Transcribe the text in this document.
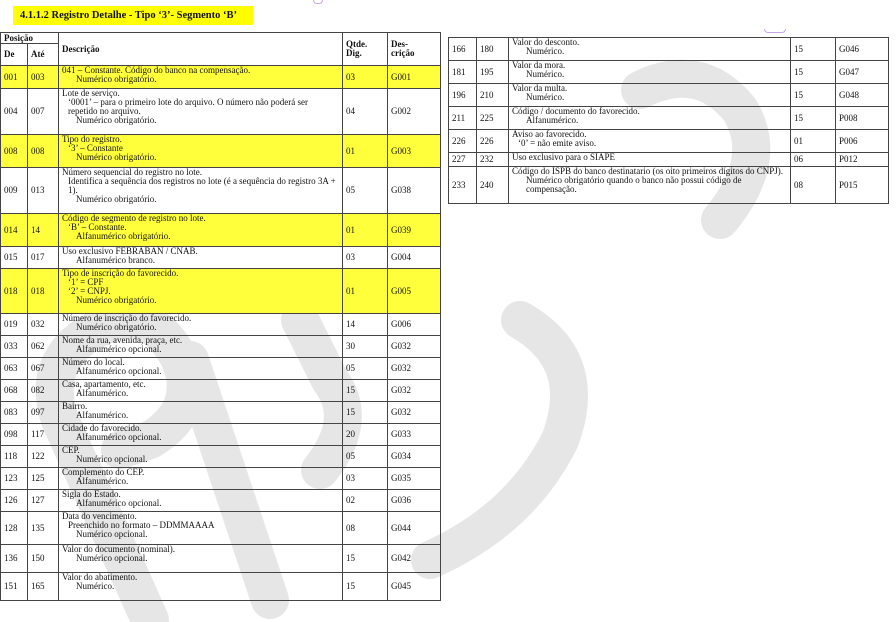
4.1.1.2 Registro Detalhe - Tipo ‘3’- Segmento ‘B’
Posição		Descrição	Qtde.
Dig.	Des-
crição
De	Até			
001	003	041 – Constante. Código do banco na compensação.
Numérico obrigatório.	03	G001
004	007	Lote de serviço.
‘0001’ – para o primeiro lote do arquivo. O número não poderá ser repetido no arquivo.
Numérico obrigatório.	04	G002
008	008	Tipo do registro.
‘3’ – Constante
Numérico obrigatório.	01	G003
009	013	Número sequencial do registro no lote.
Identifica a sequência dos registros no lote (é a sequência do registro 3A + 1).
Numérico obrigatório.	05	G038
014	14	Código de segmento de registro no lote.
‘B’ – Constante.
Alfanumérico obrigatório.	01	G039
015	017	Uso exclusivo FEBRABAN / CNAB.
Alfanumérico branco.	03	G004
018	018	Tipo de inscrição do favorecido.
‘1’ = CPF
‘2’ = CNPJ.
Numérico obrigatório.	01	G005
019	032	Número de inscrição do favorecido.
Numérico obrigatório.	14	G006
033	062	Nome da rua, avenida, praça, etc.
Alfanumérico opcional.	30	G032
063	067	Número do local.
Alfanumérico opcional.	05	G032
068	082	Casa, apartamento, etc.
Alfanumérico.	15	G032
083	097	Bairro.
Alfanumérico.	15	G032
098	117	Cidade do favorecido.
Alfanumérico opcional.	20	G033
118	122	CEP.
Numérico opcional.	05	G034
123	125	Complemento do CEP.
Alfanumérico.	03	G035
126	127	Sigla do Estado.
Alfanumérico opcional.	02	G036
128	135	Data do vencimento.
Preenchido no formato – DDMMAAAA
Numérico opcional.	08	G044
136	150	Valor do documento (nominal).
Numérico opcional.	15	G042
151	165	Valor do abatimento.
Numérico.	15	G045
166	180	Valor do desconto.
Numérico.	15	G046
181	195	Valor da mora.
Numérico.	15	G047
196	210	Valor da multa.
Numérico.	15	G048
211	225	Código / documento do favorecido.
Alfanumérico.	15	P008
226	226	Aviso ao favorecido.
‘0’ = não emite aviso.	01	P006
227	232	Uso exclusivo para o SIAPE	06	P012
233	240	Código do ISPB do banco destinatario (os oito primeiros dígitos do CNPJ).
Numérico obrigatório quando o banco não possui código de compensação.	08	P015
